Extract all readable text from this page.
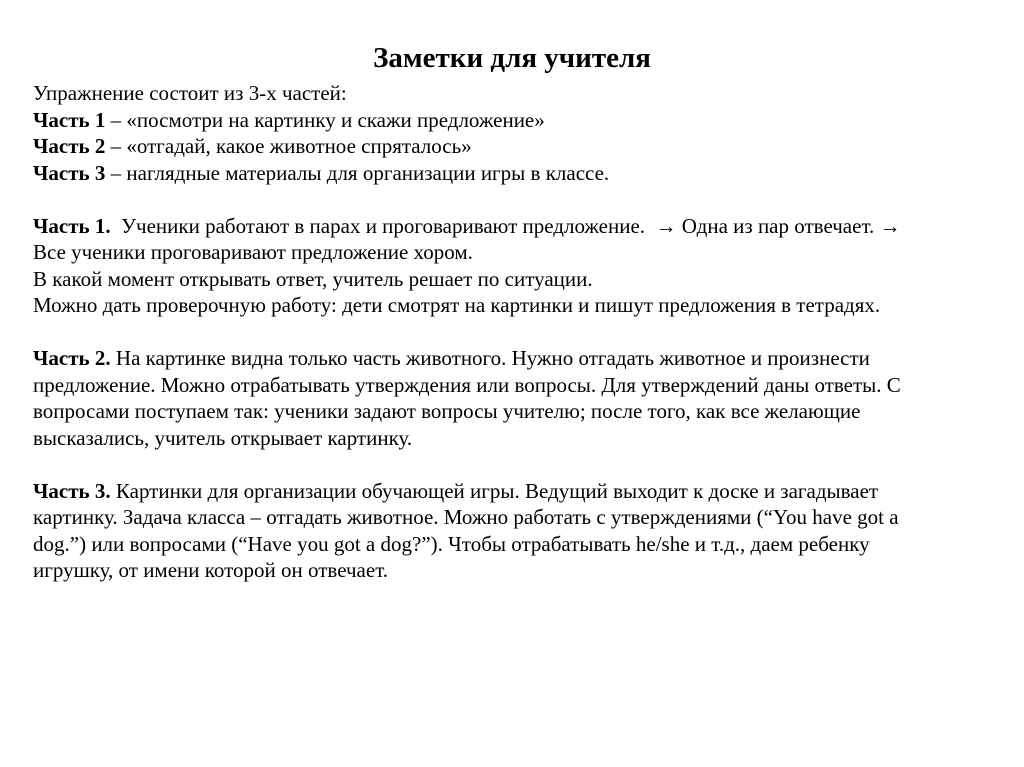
Заметки для учителя
Упражнение состоит из 3-х частей:
Часть 1 – «посмотри на картинку и скажи предложение»
Часть 2 – «отгадай, какое животное спряталось»
Часть 3 – наглядные материалы для организации игры в классе.
Часть 1.  Ученики работают в парах и проговаривают предложение.  → Одна из пар отвечает. →
Все ученики проговаривают предложение хором.
В какой момент открывать ответ, учитель решает по ситуации.
Можно дать проверочную работу: дети смотрят на картинки и пишут предложения в тетрадях.
Часть 2. На картинке видна только часть животного. Нужно отгадать животное и произнести
предложение. Можно отрабатывать утверждения или вопросы. Для утверждений даны ответы. С
вопросами поступаем так: ученики задают вопросы учителю; после того, как все желающие
высказались, учитель открывает картинку.
Часть 3. Картинки для организации обучающей игры. Ведущий выходит к доске и загадывает
картинку. Задача класса – отгадать животное. Можно работать с утверждениями (“You have got a
dog.”) или вопросами (“Have you got a dog?”). Чтобы отрабатывать he/she и т.д., даем ребенку
игрушку, от имени которой он отвечает.
